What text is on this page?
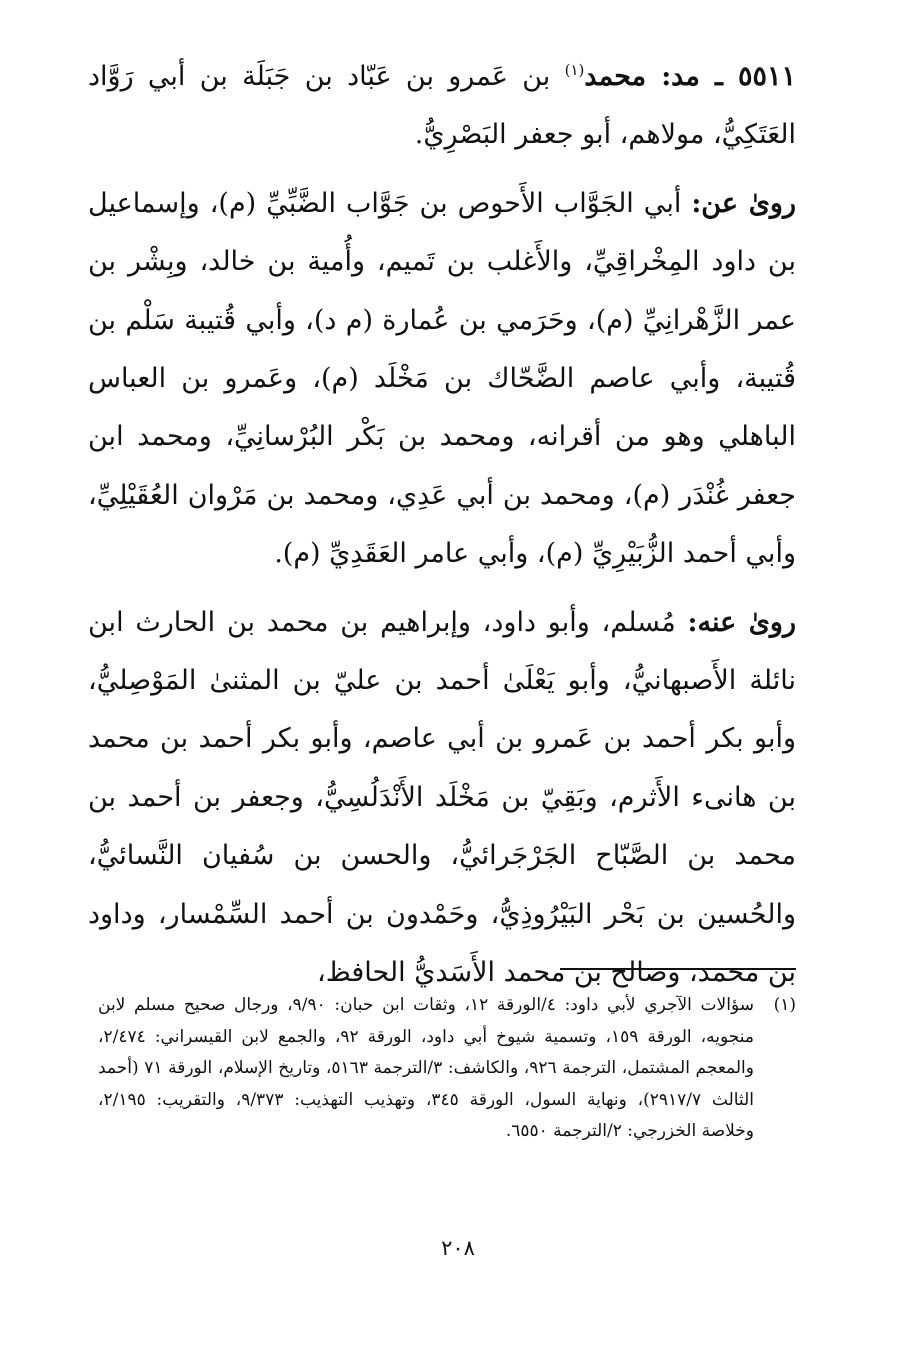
٥٥١١ ـ مد: محمد$^{(١)}$ بن عَمرو بن عَبّاد بن جَبَلَة بن أبي رَوَّاد العَتَكِيُّ، مولاهم، أبو جعفر البَصْرِيُّ.

روىٰ عن: أبي الجَوَّاب الأَحوص بن جَوَّاب الضَّبِّيِّ (م)، وإسماعيل بن داود المِخْراقِيِّ، والأَغلب بن تَميم، وأُمية بن خالد، وبِشْر بن عمر الزَّهْرانِيِّ (م)، وحَرَمي بن عُمارة (م د)، وأبي قُتيبة سَلْم بن قُتيبة، وأبي عاصم الضَّحّاك بن مَخْلَد (م)، وعَمرو بن العباس الباهلي وهو من أقرانه، ومحمد بن بَكْر البُرْسانِيِّ، ومحمد ابن جعفر غُنْدَر (م)، ومحمد بن أبي عَدِي، ومحمد بن مَرْوان العُقَيْلِيِّ، وأبي أحمد الزُّبَيْرِيِّ (م)، وأبي عامر العَقَدِيِّ (م).

روىٰ عنه: مُسلم، وأبو داود، وإبراهيم بن محمد بن الحارث ابن نائلة الأَصبهانيُّ، وأبو يَعْلَىٰ أحمد بن عليّ بن المثنىٰ المَوْصِليُّ، وأبو بكر أحمد بن عَمرو بن أبي عاصم، وأبو بكر أحمد بن محمد بن هانىء الأَثرم، وبَقِيّ بن مَخْلَد الأَنْدَلُسِيُّ، وجعفر بن أحمد بن محمد بن الصَّبّاح الجَرْجَرائيُّ، والحسن بن سُفيان النَّسائيُّ، والحُسين بن بَحْر البَيْرُوذِيُّ، وحَمْدون بن أحمد السِّمْسار، وداود بن محمد، وصالح بن محمد الأَسَديُّ الحافظ،

(١)
سؤالات الآجري لأبي داود: ٤/الورقة ١٢، وثقات ابن حبان: ٩/٩٠، ورجال صحيح مسلم لابن منجويه، الورقة ١٥٩، وتسمية شيوخ أبي داود، الورقة ٩٢، والجمع لابن القيسراني: ٢/٤٧٤، والمعجم المشتمل، الترجمة ٩٢٦، والكاشف: ٣/الترجمة ٥١٦٣، وتاريخ الإسلام، الورقة ٧١ (أحمد الثالث ٢٩١٧/٧)، ونهاية السول، الورقة ٣٤٥، وتهذيب التهذيب: ٩/٣٧٣، والتقريب: ٢/١٩٥، وخلاصة الخزرجي: ٢/الترجمة ٦٥٥٠.
٢٠٨
